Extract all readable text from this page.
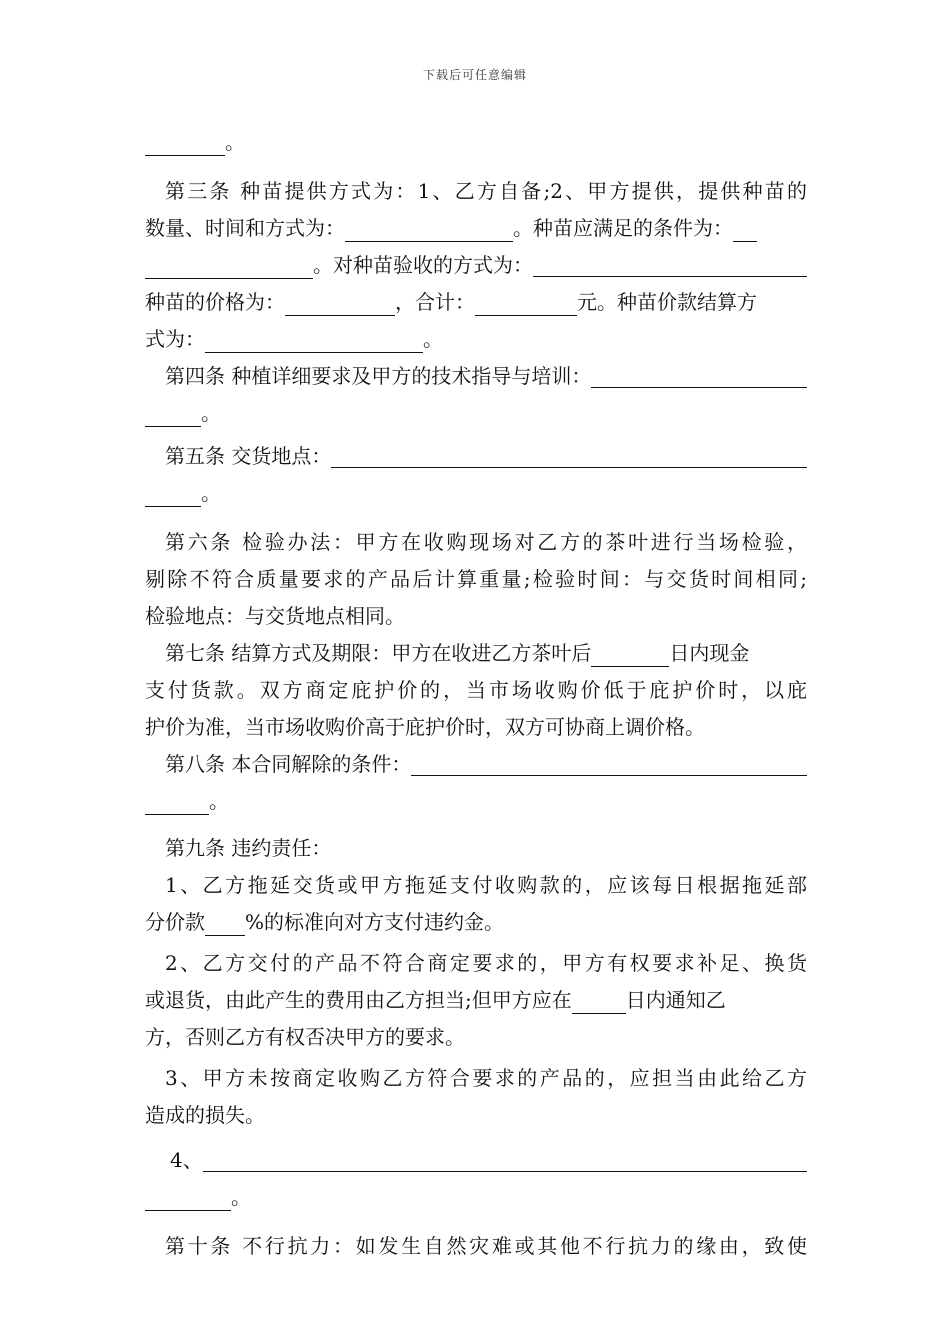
下载后可任意编辑
。
第三条 种苗提供方式为：1、乙方自备;2、甲方提供，提供种苗的
数量、时间和方式为：	。种苗应满足的条件为：
。对种苗验收的方式为：
种苗的价格为：	，合计：	元。种苗价款结算方
式为：	。
第四条 种植详细要求及甲方的技术指导与培训：
。
第五条 交货地点：
。
第六条 检验办法：甲方在收购现场对乙方的茶叶进行当场检验，
剔除不符合质量要求的产品后计算重量;检验时间：与交货时间相同;
检验地点：与交货地点相同。
第七条 结算方式及期限：甲方在收进乙方茶叶后	日内现金
支付货款。双方商定庇护价的，当市场收购价低于庇护价时，以庇
护价为准，当市场收购价高于庇护价时，双方可协商上调价格。
第八条 本合同解除的条件：
。
第九条 违约责任：
1、乙方拖延交货或甲方拖延支付收购款的，应该每日根据拖延部
分价款 %的标准向对方支付违约金。
2、乙方交付的产品不符合商定要求的，甲方有权要求补足、换货
或退货，由此产生的费用由乙方担当;但甲方应在	日内通知乙
方，否则乙方有权否决甲方的要求。
3、甲方未按商定收购乙方符合要求的产品的，应担当由此给乙方
造成的损失。
4、
。
第十条 不行抗力：如发生自然灾难或其他不行抗力的缘由，致使
